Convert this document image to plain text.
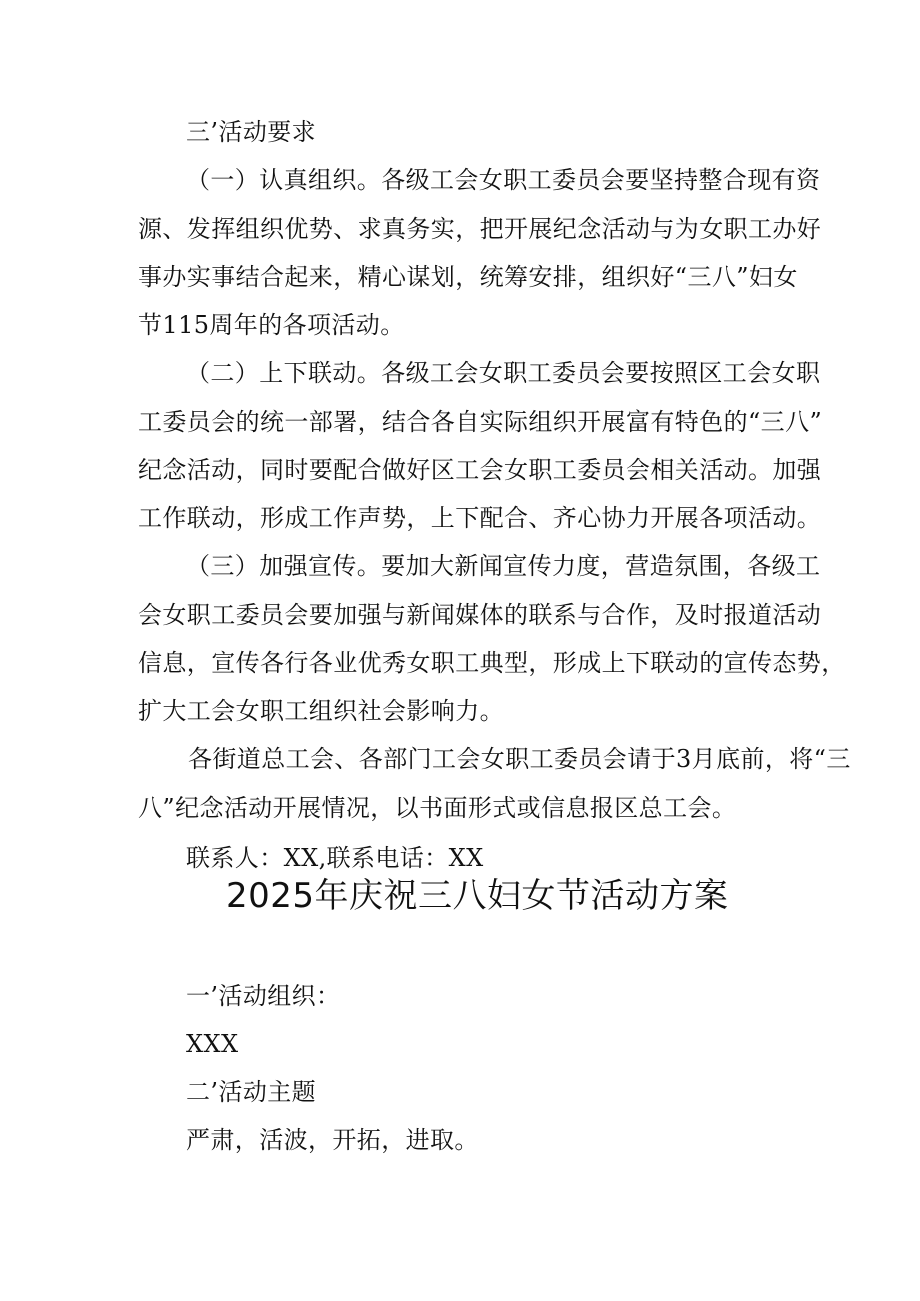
三’活动要求
（一）认真组织。各级工会女职工委员会要坚持整合现有资
源、发挥组织优势、求真务实，把开展纪念活动与为女职工办好
事办实事结合起来，精心谋划，统筹安排，组织好“三八”妇女
节115周年的各项活动。
（二）上下联动。各级工会女职工委员会要按照区工会女职
工委员会的统一部署，结合各自实际组织开展富有特色的“三八”
纪念活动，同时要配合做好区工会女职工委员会相关活动。加强
工作联动，形成工作声势，上下配合、齐心协力开展各项活动。
（三）加强宣传。要加大新闻宣传力度，营造氛围，各级工
会女职工委员会要加强与新闻媒体的联系与合作，及时报道活动
信息，宣传各行各业优秀女职工典型，形成上下联动的宣传态势，
扩大工会女职工组织社会影响力。
各街道总工会、各部门工会女职工委员会请于3月底前，将“三
八”纪念活动开展情况，以书面形式或信息报区总工会。
联系人：XX,联系电话：XX
2025年庆祝三八妇女节活动方案
一’活动组织：
XXX
二’活动主题
严肃，活波，开拓，进取。
